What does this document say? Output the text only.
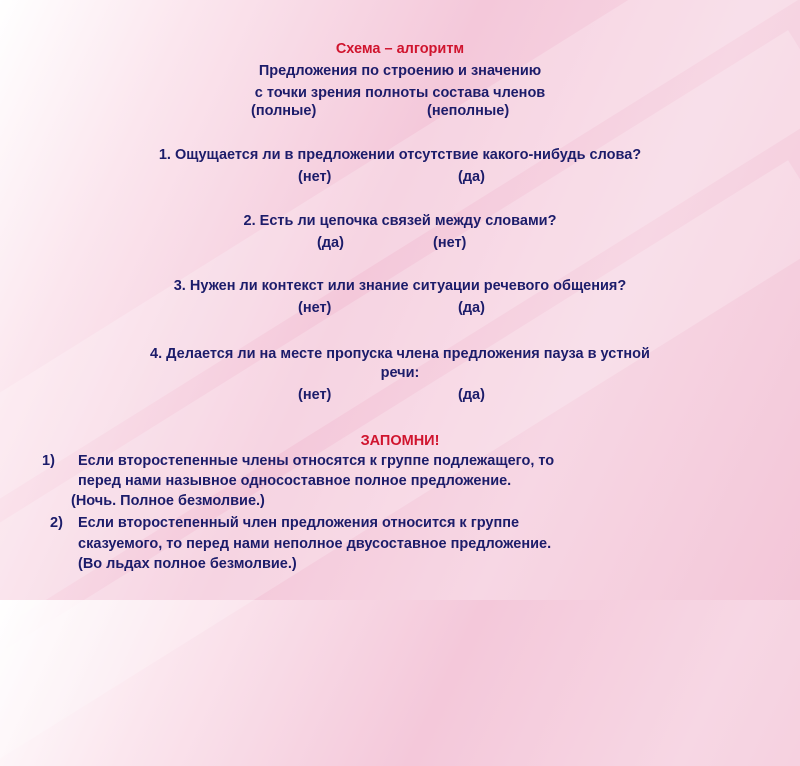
Схема – алгоритм
Предложения по строению и значению
с точки зрения полноты состава членов
(полные)	(неполные)
1. Ощущается ли в предложении отсутствие какого-нибудь слова?
(нет)	(да)
2. Есть ли цепочка связей между словами?
(да)	(нет)
3. Нужен ли контекст или знание ситуации речевого общения?
(нет)	(да)
4. Делается ли на месте пропуска члена предложения пауза в устной
речи:
(нет)	(да)
ЗАПОМНИ!
1) Если второстепенные члены относятся к группе подлежащего, то
перед нами назывное односоставное полное предложение.
(Ночь. Полное безмолвие.)
2) Если второстепенный член предложения относится к группе
сказуемого, то перед нами неполное двусоставное предложение.
(Во льдах полное безмолвие.)
